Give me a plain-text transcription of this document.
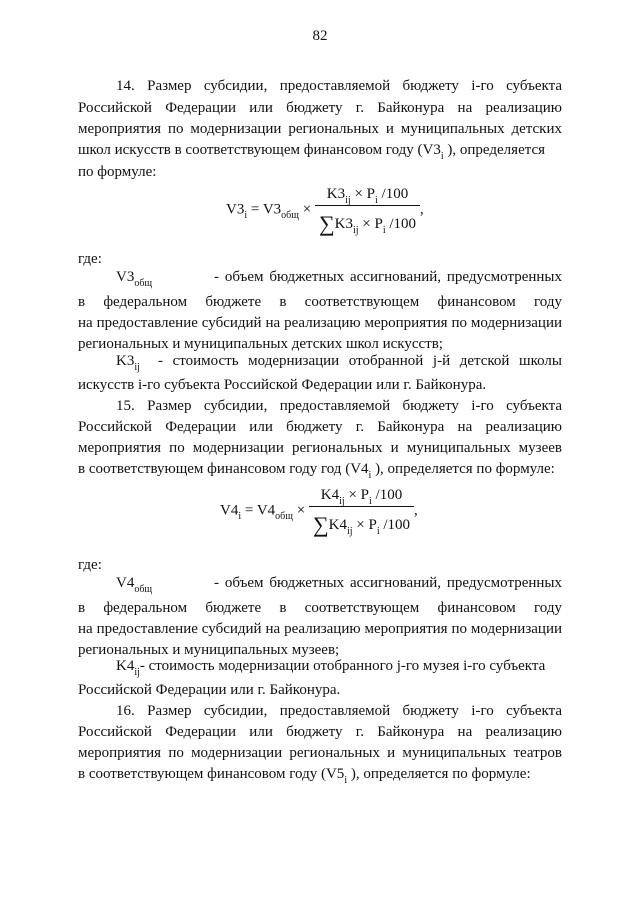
82
14. Размер субсидии, предоставляемой бюджету i-го субъекта
Российской Федерации или бюджету г. Байконура на реализацию
мероприятия по модернизации региональных и муниципальных детских
школ искусств в соответствующем финансовом году ($V3_i$ ), определяется
по формуле:
$V3_i = V3_{общ} \times \frac{K3_{ij} \times P_i /100}{\sum K3_{ij} \times P_i /100}$ ,
где:
$V3_{общ}$	- объем бюджетных ассигнований, предусмотренных
в федеральном бюджете в соответствующем финансовом году
на предоставление субсидий на реализацию мероприятия по модернизации
региональных и муниципальных детских школ искусств;
$K3_{ij}$ - стоимость модернизации отобранной j-й детской школы
искусств i-го субъекта Российской Федерации или г. Байконура.
15. Размер субсидии, предоставляемой бюджету i-го субъекта
Российской Федерации или бюджету г. Байконура на реализацию
мероприятия по модернизации региональных и муниципальных музеев
в соответствующем финансовом году год ($V4_i$ ), определяется по формуле:
$V4_i = V4_{общ} \times \frac{K4_{ij} \times P_i /100}{\sum K4_{ij} \times P_i /100}$ ,
где:
$V4_{общ}$	- объем бюджетных ассигнований, предусмотренных
в федеральном бюджете в соответствующем финансовом году
на предоставление субсидий на реализацию мероприятия по модернизации
региональных и муниципальных музеев;
$K4_{ij}-$ стоимость модернизации отобранного j-го музея i-го субъекта
Российской Федерации или г. Байконура.
16. Размер субсидии, предоставляемой бюджету i-го субъекта
Российской Федерации или бюджету г. Байконура на реализацию
мероприятия по модернизации региональных и муниципальных театров
в соответствующем финансовом году ($V5_i$ ), определяется по формуле:
